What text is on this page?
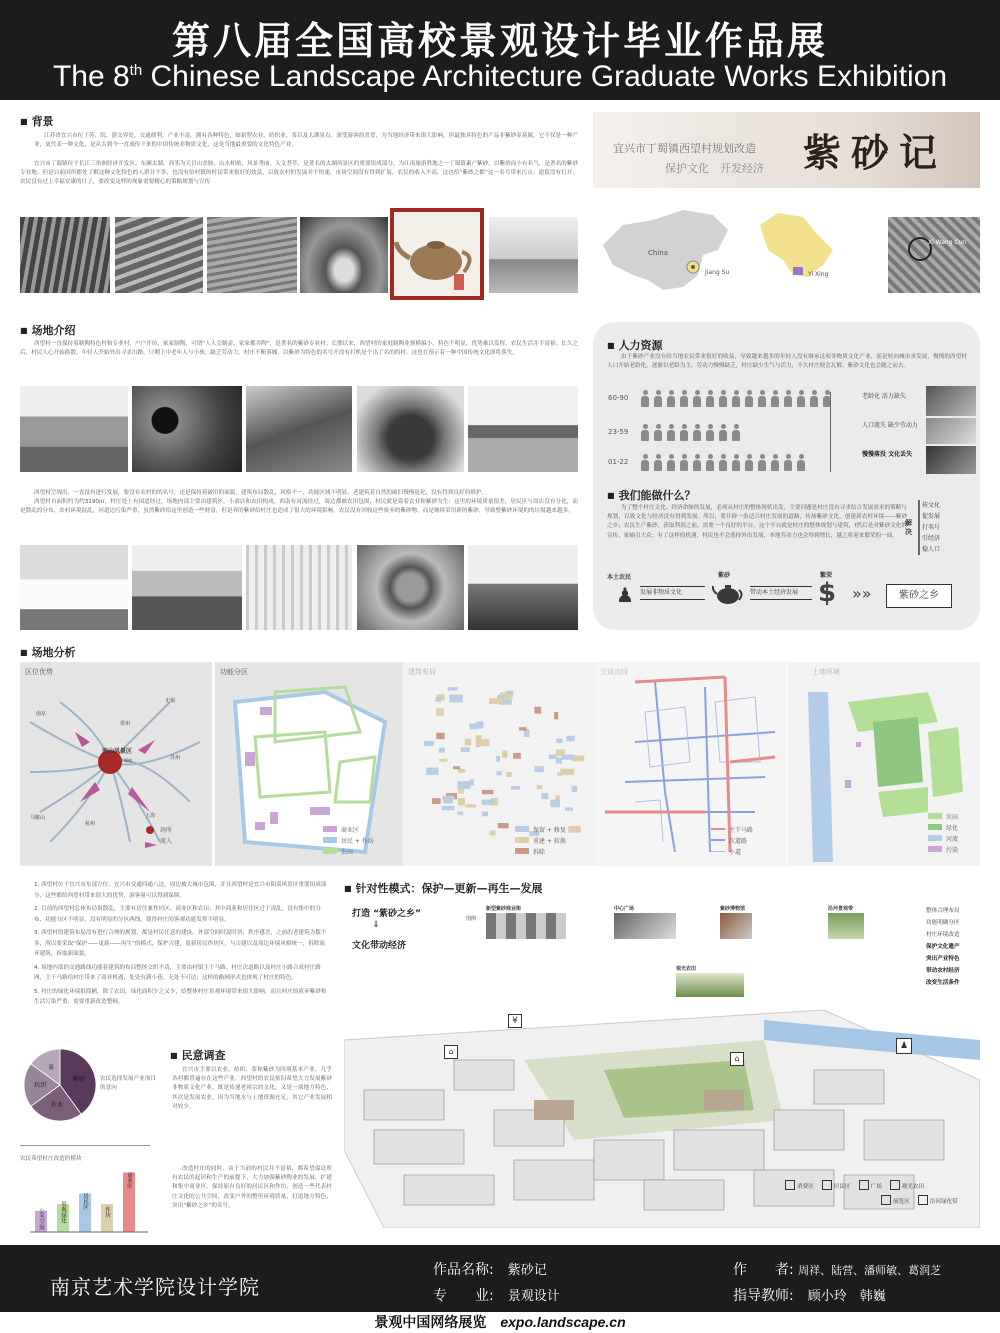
第八届全国高校景观设计毕业作品展
The 8th Chinese Landscape Architecture Graduate Works Exhibition
■ 背景
江苏省宜兴市位于苏、皖、浙交界处，交通便利，产业丰富，拥有各种特色，如新型农业、纺织业、茶以及太湖景点，深受游客的喜爱，为当地经济带来很大影响，但最独具特色的产品非紫砂壶莫属，它不仅是一种产业，更代表一种文化，是从古到今一直流传下来的中国传统非物质文化，这是当地最重要的文化特色产业。
宜兴市丁蜀镇位于长江三角洲经济开发区，东濒太湖，西邻为天目山余脉，山水相依，风景秀丽，人文荟萃，是著名的太湖风景区的重要组成部分，为江南旅游胜地之一丁蜀镇素产紫砂，以紫砂而小有名气，是著名的紫砂专业地。但是目前因所都处了解这种文化特色的人群并不多，也没有给村镇的村民带来很好的效益，以致农村的发展并不快速，市场空间没有得到扩展，农民的收入不高，这也给“紫砂之都”这一名号带来污点：遗留没有打开，农民没有过上幸福安康的日子，要改变这样的现象需要精心的策略规划与宣传
宜兴市丁蜀镇西望村规划改造
保护文化　 开发经济 紫砂记
China
Jiang Su	Yi Xing
Xi Wang Cun
■ 场地介绍
西望村一直保持着制陶特色村和专业村，户户开坊，家家制陶，可谓“人人会制壶，家家都弄陶”，是著名的紫砂专业村；长期以来，西望村的家庭制陶业规模偏小，特色不明显，优势难以发挥，农民生活并不富裕；长久之后，村民人心开始涣散，年轻人开始外出寻求出路，只剩下中老年人与小孩，缺乏劳动力，村庄不断落魄，以紫砂为特色的名号开没有打机是个出了名的的村。这也在预示着一种中国传统文化即将落失。
西望村呈现出，一直没有进行发展，要没有农村的的名号，还是保持着破旧的面貌，建筑布局散乱，风格不一，功能区域不明显，老建筑着自然的破旧慢慢退化，没有得到良好的维护。
西望村自面积约为约3190㎡，村庄处上有国道经过，场地内部主要由建筑区、小商店和农田构成，西南有河流经过，周边都被农田包围，村民就是靠着农业和紫砂为生：这里的环境质量很差，居民区与商店没有分化，而是散乱的分布，农村环境混乱，河道边污染严重，虽然紫砂给这里创造一些财富，但是弃的紫砂给村庄也造成了很大的环境影响，农民没有回收这些废弃的紫砂物，而是继续采用新的紫砂，导致整紫砂环境的的垃圾越来越多。
■ 人力资源
由于紫砂产业没有给当地农民带来很好的收益，导致越来越多的年轻人没有继承这项非物质文化产业，而是转向城市求发展，慢慢的西望村人口开始老龄化，逐渐以老龄为主，劳动力慢慢缺乏，村庄缺少生气与活力，不久村庄便会瓦解，紫砂文化也会随之而去。
60-90
23-59
01-22
老龄化 活力缺失
人口流失 缺少劳动力
慢慢落没 文化丢失
■ 我们能做什么？
为了整个村庄文化、经济命脉的发展，必须从村庄的整体现状出发，主要问题是村庄没有寻求结合发展需求的策略与规划，以致文化与经济没有得到发展。所以，要开辟一条适合村庄发展的道路，传扬紫砂文化，创建新农村环境——紫砂之乡；农民生产紫砂，获取利润之前，需要一个良好的平台，这个平台就是村庄的整体规划与建筑，f然后是对紫砂文化的宣传，家喻引大众；有了这样的机遇，村民也不会选择外出发展，本地劳动力也会得到增长，越之将迎来繁荣的一面。
解决
传文化
促发展
打名号
引经济
稳人口
本土农民
♟ 发展非物质文化
紫砂
带动本土经济发展
繁荣
$ »»	紫砂之乡
■ 场地分析
区位优势
南京
无锡
苏州
常州
马鞍山
杭州
上海
南山风景区
丁蜀镇
场所
流入
功能分区
商业区
居民 + 作坊
农田
保留 + 修复
重建 + 转换
拆除
主干马路
次道路
小道
农田
绿化
河流
污染
1. 西望村位于宜兴市东部方位，宜兴市交通四通八达，周边被大城市包围，并且西望村是宜兴市阳羡风景区重要组成部分，这些都给西望村带来很大的优势，游客量可以得到保障。
2. 目前的西望村总体布局很散乱，主要有居住兼作坊区、商业区和农田；其中商业和居住区过于凌乱，没有集中的分布，功能分区不明显，没有明显的分区两线，使得村庄的客观功能发挥不明显。
3. 西望村的建筑布局没有进行合理的规划，都是村民任意的建设，外部空间时混时挤，秩序感差，之前的老建筑为数不多，所以要采取“保护——更新——再生”的模式，保护古建，更新居民作坊区，与古建以及周边环境风格统一，拆除废弃建筑，拆取新面貌。
4. 场地内部的交通路线功能着建筑的布局整体交织不清，主要由村镇主干马路、村庄次道路以及村庄小路合成村庄路网，主干马路给村庄带来了商业机遇，处处有满小巷，无处不可达；这样的路网形式也体现了村庄的特色。
5. 村庄的绿化环境很简陋，除了农田，绿化面积少之又少，给整体村庄景观环境带来很大影响，而且村庄的废弃紫砂和生活污染严重，需要重新改造整顿。
紫砂
农业
纺织
茶
农民选择发展产业项目的意向
■ 民意调查
宜兴市主要以农业、纺织、茶和紫砂为四项基本产业，几乎各村都普遍存在这些产业，西望村的农民依旧希望大力发展紫砂非物质文化产业，既是传递老祖宗的文化，又是一项地方特色，其次是发展农业，因为当地水与土地资源充足，其它产业发展相对较少。
农民希望村庄改造的模块
公共空间	景观绿化	居民区
作坊
商业区
改造村庄的同时，由于当前的村民并不富裕，都希望保证所有农民的起居和生产的前提下，大力加强紫砂陶业的发展，扩建和集中商业区，保持原有良好的居民区和作坊，创造一些代表村庄文化的公共空间，改变户外的整里环境质量，打造地方特色，突出“紫砂之乡”的名号。
■ 针对性模式：保护—更新—再生—发展
打造 “紫砂之乡”
⇓
文化带动经济
图例
新型紫砂商业街	中心广场	紫砂博物馆	沿河景观带
观光农田
整体合理布局
功能明确分区
村庄环境改造
保护文化遗产
突出产业特色
带动农村经济
改变生活条件
¥
⌂
⌂
♟
消费区	居民区	广场	观光农田
展览区	沿河绿化带
南京艺术学院设计学院
作品名称:　 紫砂记
专　　业:　 景观设计
作　　者: 周祥、陆营、潘师敏、葛润芝
指导教师:　 顾小玲　韩巍
景观中国网络展览　 expo.landscape.cn
